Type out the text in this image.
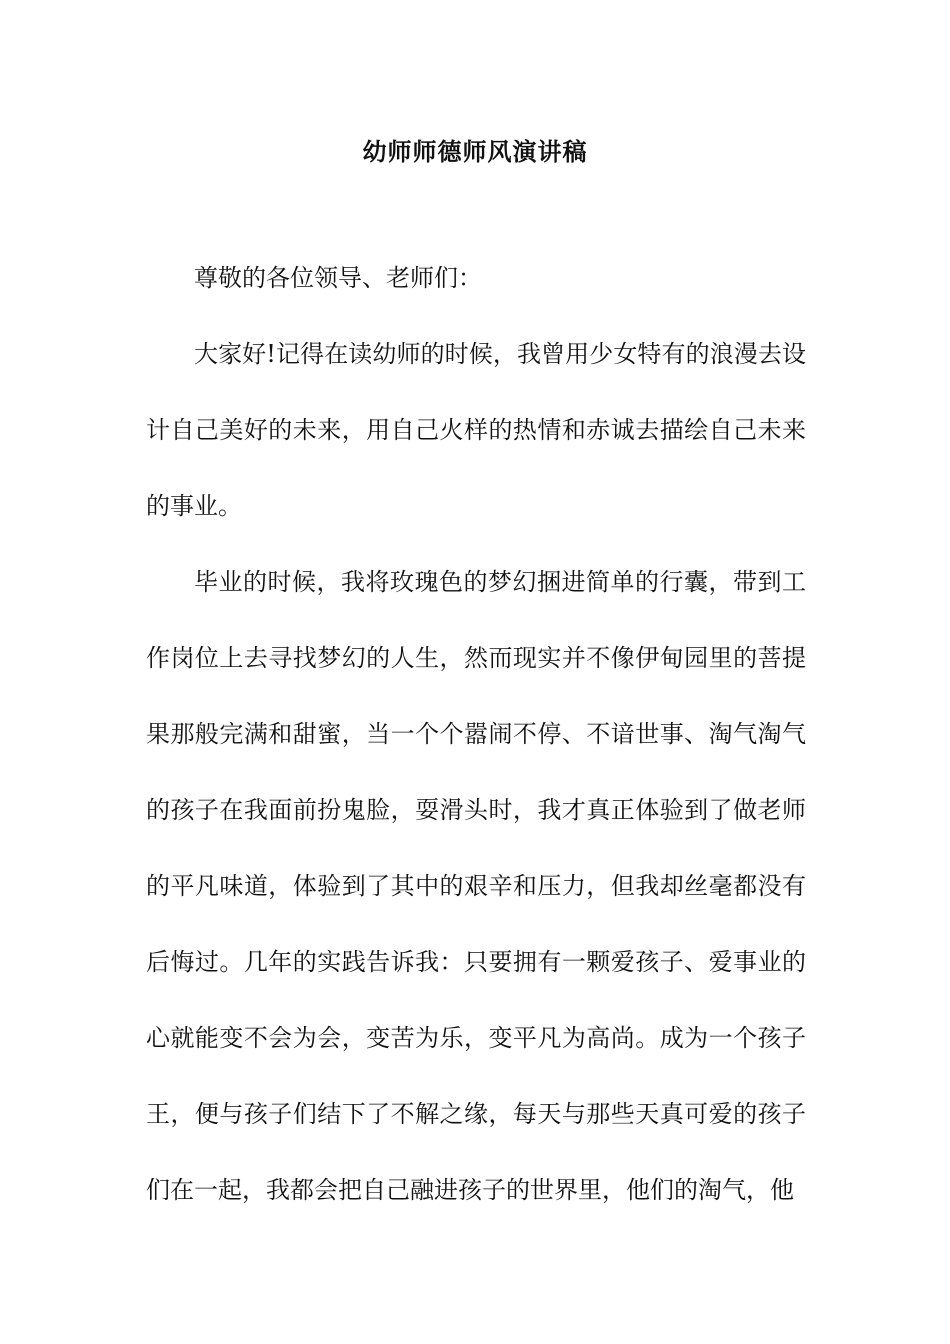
幼师师德师风演讲稿

尊敬的各位领导、老师们：

大家好!记得在读幼师的时候，我曾用少女特有的浪漫去设计自己美好的未来，用自己火样的热情和赤诚去描绘自己未来的事业。

毕业的时候，我将玫瑰色的梦幻捆进简单的行囊，带到工作岗位上去寻找梦幻的人生，然而现实并不像伊甸园里的菩提果那般完满和甜蜜，当一个个嚣闹不停、不谙世事、淘气淘气的孩子在我面前扮鬼脸，耍滑头时，我才真正体验到了做老师的平凡味道，体验到了其中的艰辛和压力，但我却丝毫都没有后悔过。几年的实践告诉我：只要拥有一颗爱孩子、爱事业的心就能变不会为会，变苦为乐，变平凡为高尚。成为一个孩子王，便与孩子们结下了不解之缘，每天与那些天真可爱的孩子们在一起，我都会把自己融进孩子的世界里，他们的淘气，他
